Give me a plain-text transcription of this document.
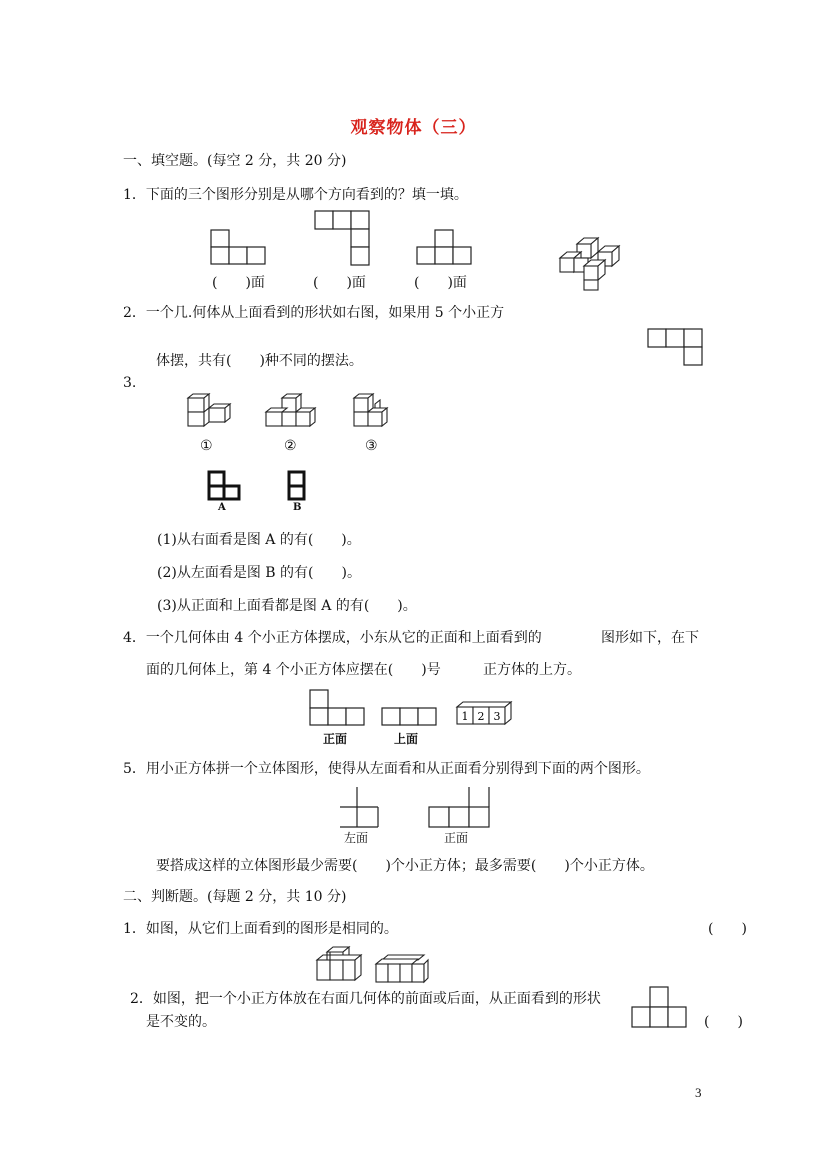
观察物体（三）
一、填空题。(每空 2 分，共 20 分)
1．下面的三个图形分别是从哪个方向看到的？填一填。
(　　)面	(　　)面	(　　)面
2．一个几.何体从上面看到的形状如右图，如果用 5 个小正方
体摆，共有(　　)种不同的摆法。
3.
①	②	③
A	B
(1)从右面看是图 A 的有(　　)。
(2)从左面看是图 B 的有(　　)。
(3)从正面和上面看都是图 A 的有(　　)。
4．一个几何体由 4 个小正方体摆成，小东从它的正面和上面看到的	图形如下，在下
面的几何体上，第 4 个小正方体应摆在(　　)号	正方体的上方。
正面	上面
1 2 3
5．用小正方体拼一个立体图形，使得从左面看和从正面看分别得到下面的两个图形。
左面	正面
要搭成这样的立体图形最少需要(　　)个小正方体；最多需要(　　)个小正方体。
二、判断题。(每题 2 分，共 10 分)
1．如图，从它们上面看到的图形是相同的。	(　　)
2．如图，把一个小正方体放在右面几何体的前面或后面，从正面看到的形状
是不变的。	(　　)
3
